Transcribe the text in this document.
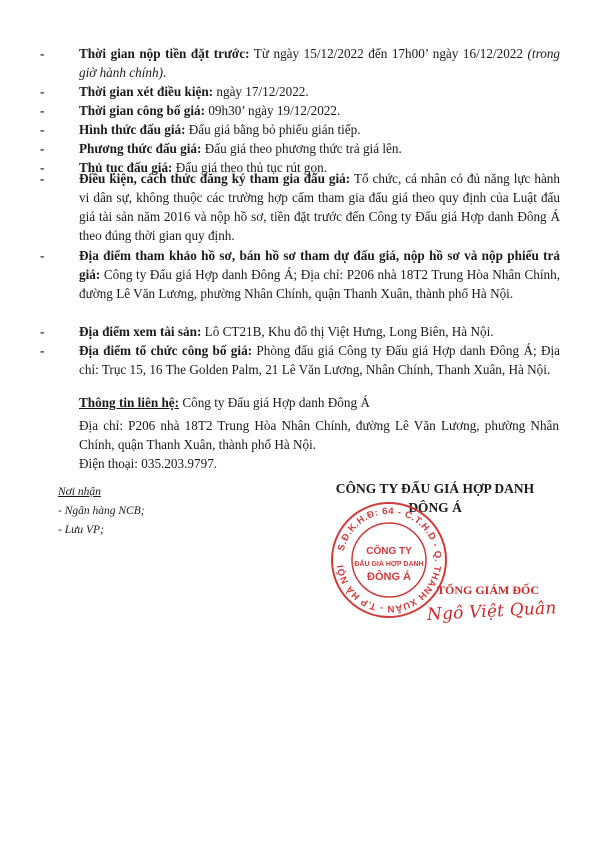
-	Thời gian nộp tiền đặt trước: Từ ngày 15/12/2022 đến 17h00’ ngày 16/12/2022 (trong giờ hành chính).
-	Thời gian xét điều kiện: ngày 17/12/2022.
-	Thời gian công bố giá: 09h30’ ngày 19/12/2022.
-	Hình thức đấu giá: Đấu giá bằng bỏ phiếu gián tiếp.
-	Phương thức đấu giá: Đấu giá theo phương thức trả giá lên.
-	Thủ tục đấu giá: Đấu giá theo thủ tục rút gọn.
-	Điều kiện, cách thức đăng ký tham gia đấu giá: Tổ chức, cá nhân có đủ năng lực hành vi dân sự, không thuộc các trường hợp cấm tham gia đấu giá theo quy định của Luật đấu giá tài sản năm 2016 và nộp hồ sơ, tiền đặt trước đến Công ty Đấu giá Hợp danh Đông Á theo đúng thời gian quy định.
-	Địa điểm tham khảo hồ sơ, bán hồ sơ tham dự đấu giá, nộp hồ sơ và nộp phiếu trả giá: Công ty Đấu giá Hợp danh Đông Á; Địa chỉ: P206 nhà 18T2 Trung Hòa Nhân Chính, đường Lê Văn Lương, phường Nhân Chính, quận Thanh Xuân, thành phố Hà Nội.
-	Địa điểm xem tài sản: Lô CT21B, Khu đô thị Việt Hưng, Long Biên, Hà Nội.
-	Địa điểm tổ chức công bố giá: Phòng đấu giá Công ty Đấu giá Hợp danh Đông Á; Địa chỉ: Trục 15, 16 The Golden Palm, 21 Lê Văn Lương, Nhân Chính, Thanh Xuân, Hà Nội.
Thông tin liên hệ: Công ty Đấu giá Hợp danh Đông Á
Địa chỉ: P206 nhà 18T2 Trung Hòa Nhân Chính, đường Lê Văn Lương, phường Nhân Chính, quận Thanh Xuân, thành phố Hà Nội.
Điện thoại: 035.203.9797.
Nơi nhận
- Ngân hàng NCB;
- Lưu VP;
CÔNG TY ĐẤU GIÁ HỢP DANH
ĐÔNG Á
S.Đ.K.H.Đ: 64 - C.T.H.D - Q. THANH XUÂN - T.P HÀ NỘI
CÔNG TY
ĐẤU GIÁ HỢP DANH
ĐÔNG Á
TỔNG GIÁM ĐỐC
Ngô Việt Quân
